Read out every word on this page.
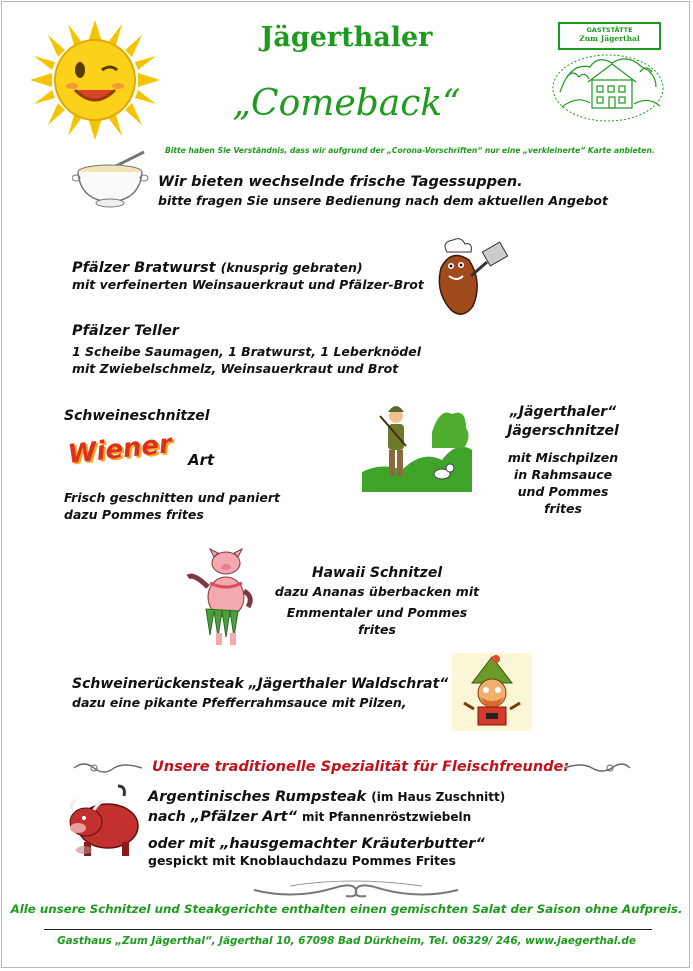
Jägerthaler
„Comeback“
GASTSTÄTTE
Zum Jägerthal
Bitte haben Sie Verständnis, dass wir aufgrund der „Corona-Vorschriften“ nur eine „verkleinerte“ Karte anbieten.
Wir bieten wechselnde frische Tagessuppen.
bitte fragen Sie unsere Bedienung nach dem aktuellen Angebot
Pfälzer Bratwurst (knusprig gebraten)
mit verfeinerten Weinsauerkraut und Pfälzer-Brot
Pfälzer Teller
1 Scheibe Saumagen, 1 Bratwurst, 1 Leberknödel
mit Zwiebelschmelz, Weinsauerkraut und Brot
Schweineschnitzel
Wiener Art
Frisch geschnitten und paniert
dazu Pommes frites
„Jägerthaler“
Jägerschnitzel
mit Mischpilzen
in Rahmsauce
und Pommes frites
Hawaii Schnitzel
dazu Ananas überbacken mit
Emmentaler und Pommes frites
Schweinerückensteak „Jägerthaler Waldschrat“
dazu eine pikante Pfefferrahmsauce mit Pilzen,
Unsere traditionelle Spezialität für Fleischfreunde:
Argentinisches Rumpsteak (im Haus Zuschnitt)
nach „Pfälzer Art“ mit Pfannenröstzwiebeln
oder mit „hausgemachter Kräuterbutter“
gespickt mit Knoblauchdazu Pommes Frites
Alle unsere Schnitzel und Steakgerichte enthalten einen gemischten Salat der Saison ohne Aufpreis.
Gasthaus „Zum Jägerthal“, Jägerthal 10, 67098 Bad Dürkheim, Tel. 06329/ 246, www.jaegerthal.de
